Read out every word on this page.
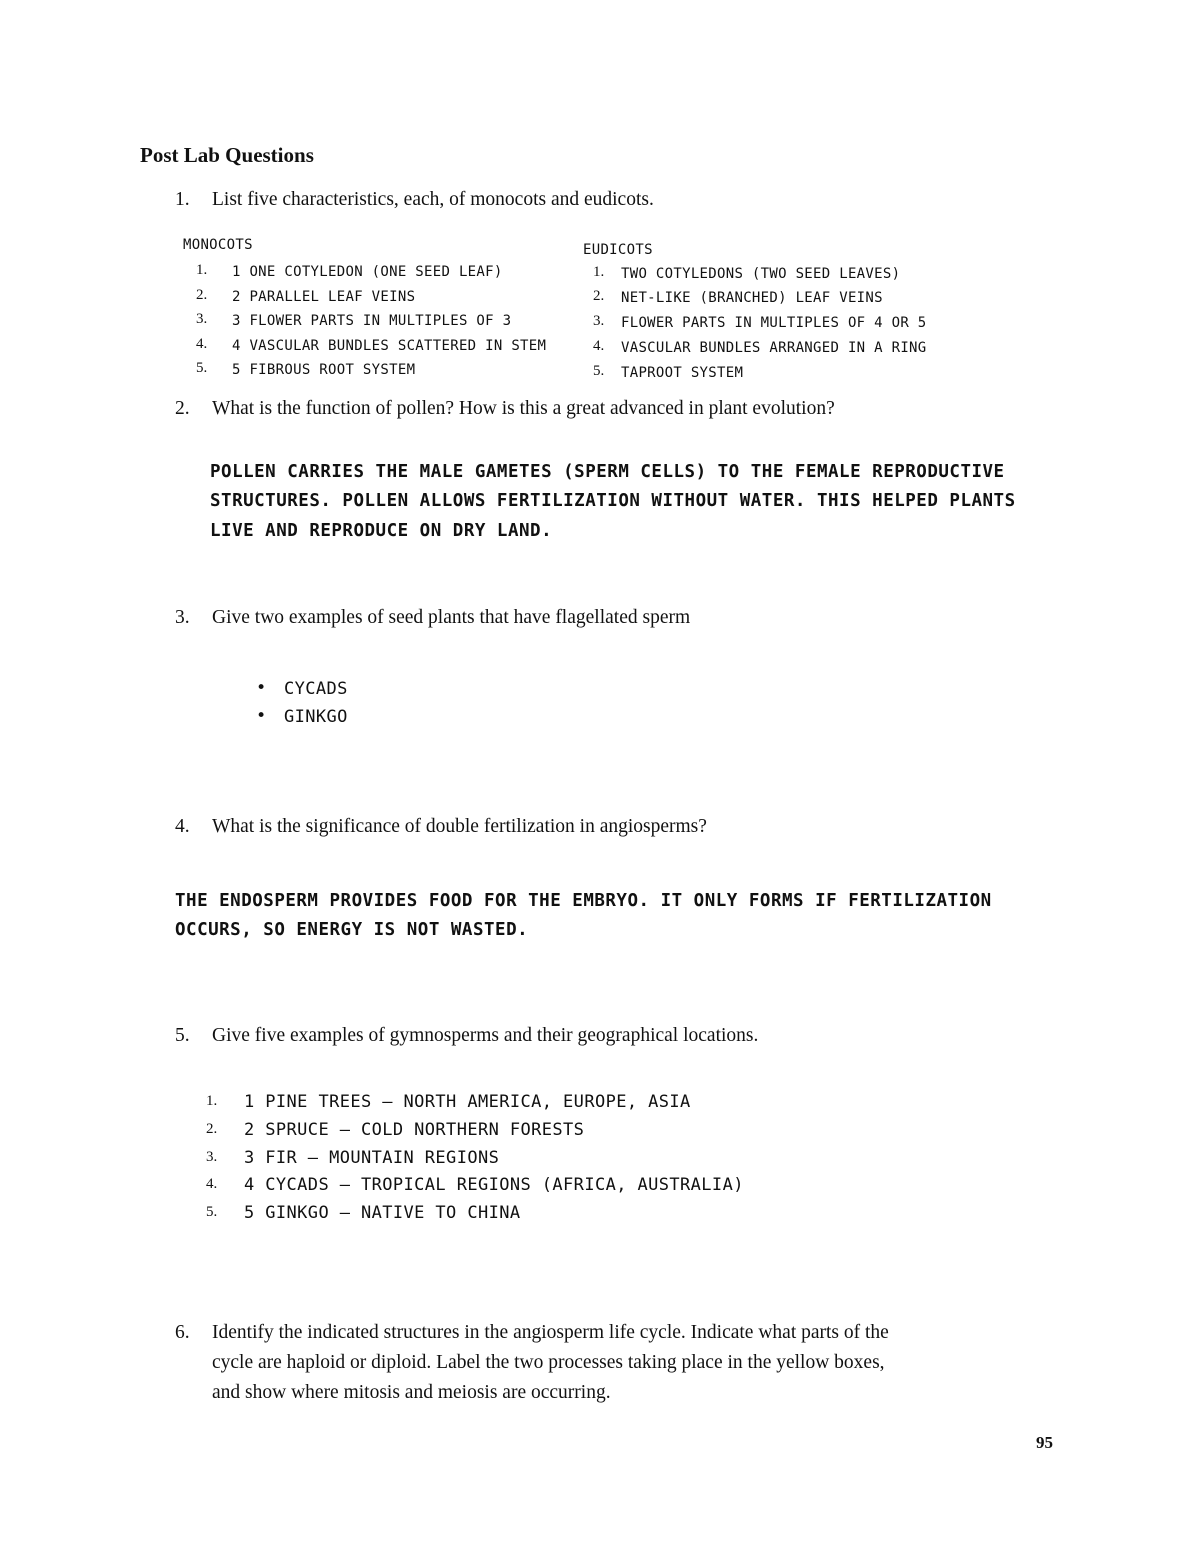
Post Lab Questions
1. List five characteristics, each, of monocots and eudicots.
MONOCOTS
1. 1 ONE COTYLEDON (ONE SEED LEAF)
2. 2 PARALLEL LEAF VEINS
3. 3 FLOWER PARTS IN MULTIPLES OF 3
4. 4 VASCULAR BUNDLES SCATTERED IN STEM
5. 5 FIBROUS ROOT SYSTEM
EUDICOTS
1. TWO COTYLEDONS (TWO SEED LEAVES)
2. NET-LIKE (BRANCHED) LEAF VEINS
3. FLOWER PARTS IN MULTIPLES OF 4 OR 5
4. VASCULAR BUNDLES ARRANGED IN A RING
5. TAPROOT SYSTEM
2. What is the function of pollen? How is this a great advanced in plant evolution?
POLLEN CARRIES THE MALE GAMETES (SPERM CELLS) TO THE FEMALE REPRODUCTIVE
STRUCTURES. POLLEN ALLOWS FERTILIZATION WITHOUT WATER. THIS HELPED PLANTS
LIVE AND REPRODUCE ON DRY LAND.
3. Give two examples of seed plants that have flagellated sperm
• CYCADS
• GINKGO
4. What is the significance of double fertilization in angiosperms?
THE ENDOSPERM PROVIDES FOOD FOR THE EMBRYO. IT ONLY FORMS IF FERTILIZATION
OCCURS, SO ENERGY IS NOT WASTED.
5. Give five examples of gymnosperms and their geographical locations.
1. 1 PINE TREES — NORTH AMERICA, EUROPE, ASIA
2. 2 SPRUCE — COLD NORTHERN FORESTS
3. 3 FIR — MOUNTAIN REGIONS
4. 4 CYCADS — TROPICAL REGIONS (AFRICA, AUSTRALIA)
5. 5 GINKGO — NATIVE TO CHINA
6. Identify the indicated structures in the angiosperm life cycle. Indicate what parts of the
cycle are haploid or diploid. Label the two processes taking place in the yellow boxes,
and show where mitosis and meiosis are occurring.
95
